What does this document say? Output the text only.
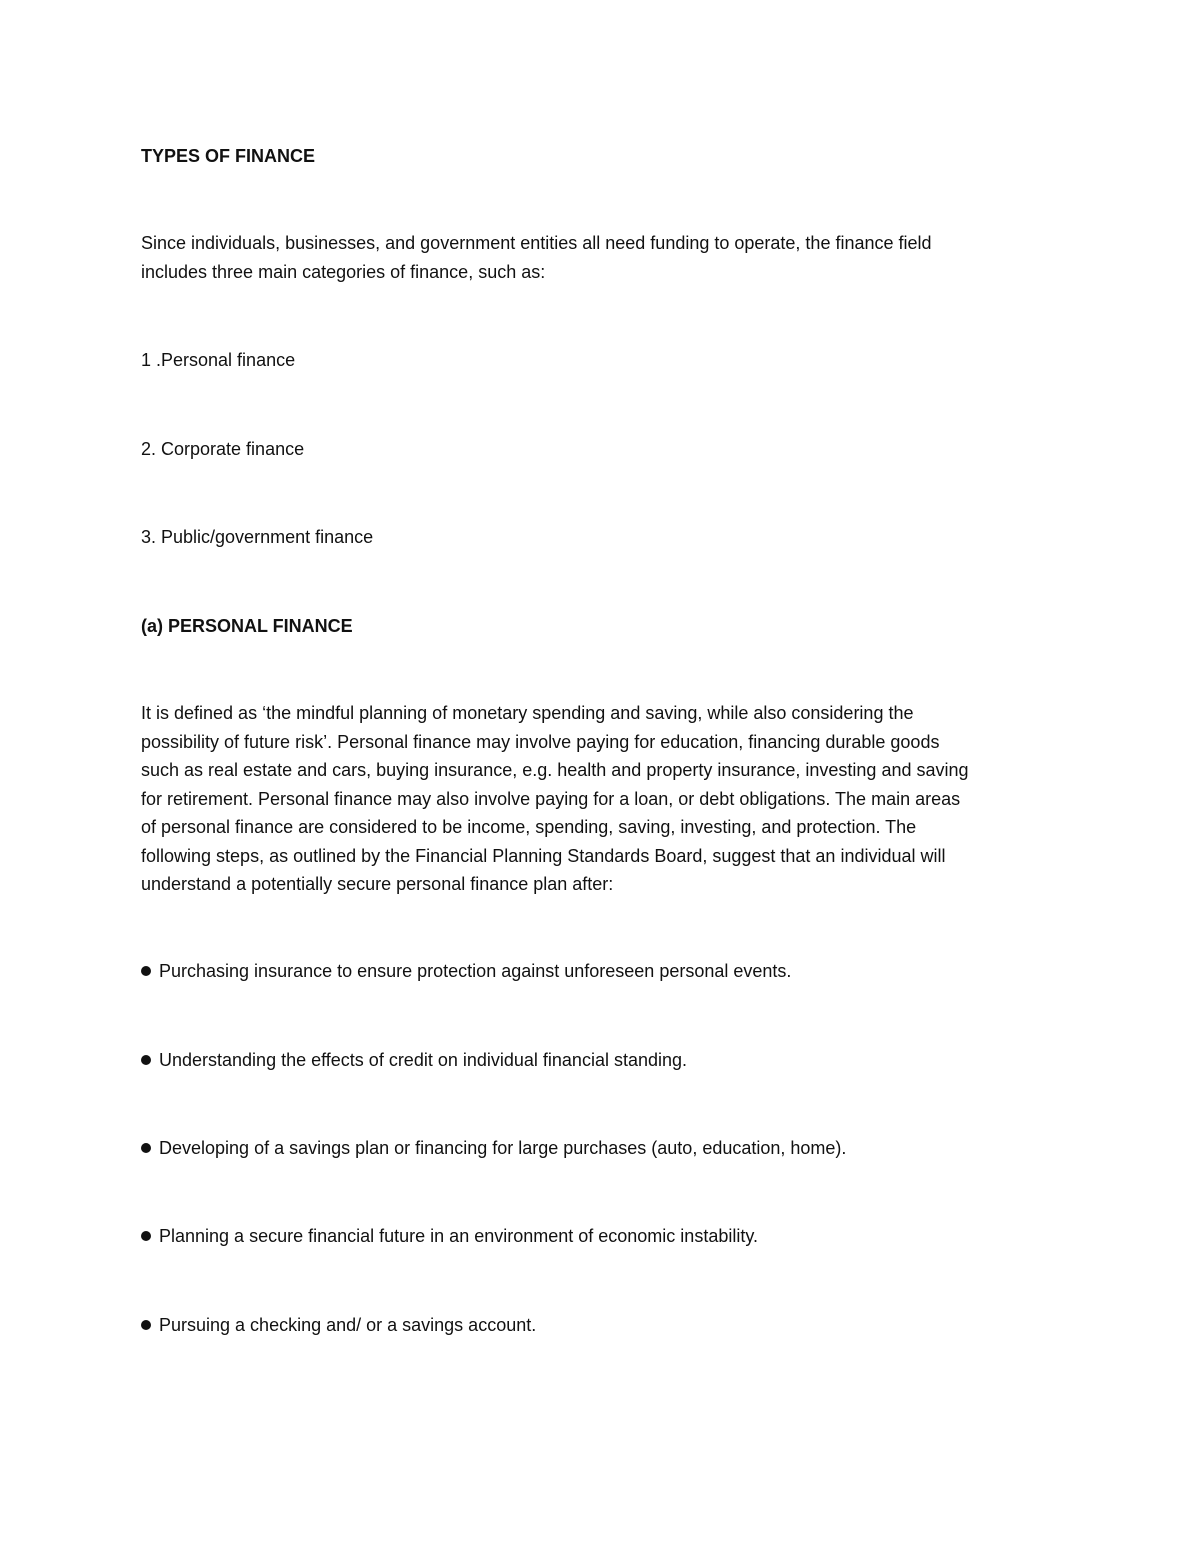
TYPES OF FINANCE
Since individuals, businesses, and government entities all need funding to operate, the finance field
includes three main categories of finance, such as:
1 .Personal finance
2. Corporate finance
3. Public/government finance
(a) PERSONAL FINANCE
It is defined as ‘the mindful planning of monetary spending and saving, while also considering the
possibility of future risk’. Personal finance may involve paying for education, financing durable goods
such as real estate and cars, buying insurance, e.g. health and property insurance, investing and saving
for retirement. Personal finance may also involve paying for a loan, or debt obligations. The main areas
of personal finance are considered to be income, spending, saving, investing, and protection. The
following steps, as outlined by the Financial Planning Standards Board, suggest that an individual will
understand a potentially secure personal finance plan after:
Purchasing insurance to ensure protection against unforeseen personal events.
Understanding the effects of credit on individual financial standing.
Developing of a savings plan or financing for large purchases (auto, education, home).
Planning a secure financial future in an environment of economic instability.
Pursuing a checking and/ or a savings account.
